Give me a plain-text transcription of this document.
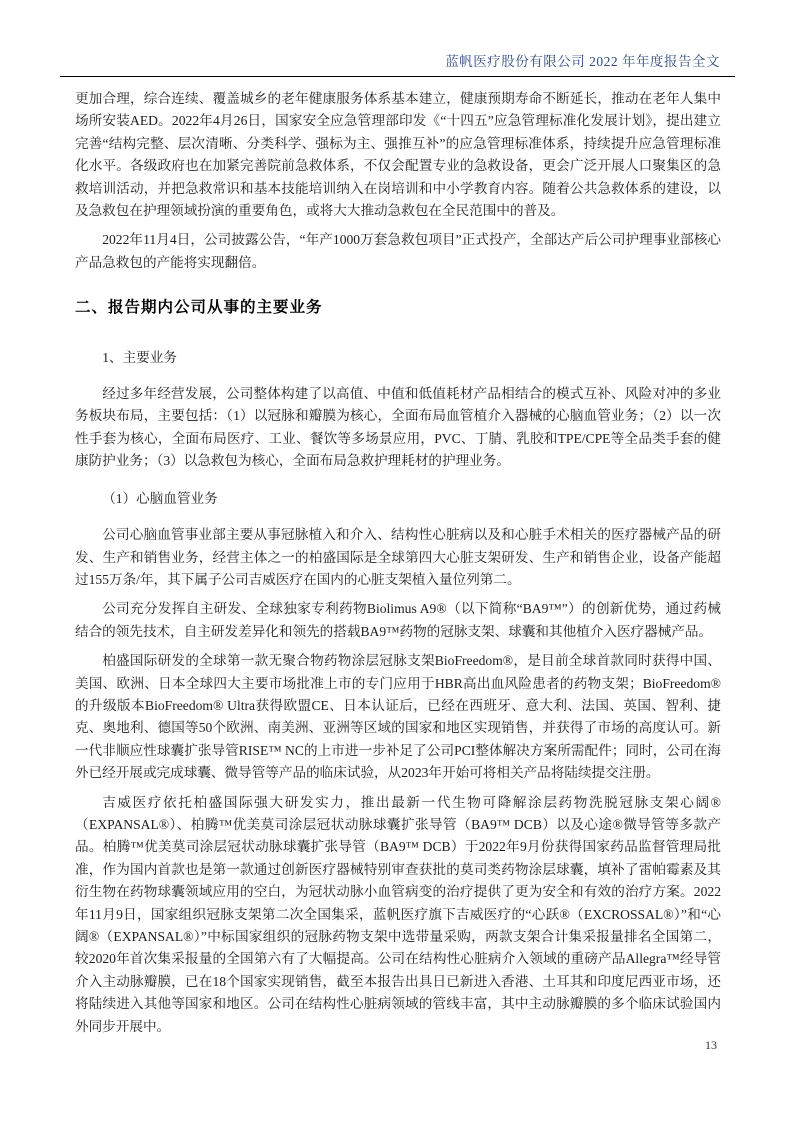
蓝帆医疗股份有限公司 2022 年年度报告全文

更加合理，综合连续、覆盖城乡的老年健康服务体系基本建立，健康预期寿命不断延长，推动在老年人集中场所安装AED。2022年4月26日，国家安全应急管理部印发《“十四五”应急管理标准化发展计划》，提出建立完善“结构完整、层次清晰、分类科学、强标为主、强推互补”的应急管理标准体系，持续提升应急管理标准化水平。各级政府也在加紧完善院前急救体系，不仅会配置专业的急救设备，更会广泛开展人口聚集区的急救培训活动，并把急救常识和基本技能培训纳入在岗培训和中小学教育内容。随着公共急救体系的建设，以及急救包在护理领域扮演的重要角色，或将大大推动急救包在全民范围中的普及。

2022年11月4日，公司披露公告，“年产1000万套急救包项目”正式投产，全部达产后公司护理事业部核心产品急救包的产能将实现翻倍。

二、报告期内公司从事的主要业务
1、主要业务

经过多年经营发展，公司整体构建了以高值、中值和低值耗材产品相结合的模式互补、风险对冲的多业务板块布局，主要包括：（1）以冠脉和瓣膜为核心，全面布局血管植介入器械的心脑血管业务；（2）以一次性手套为核心，全面布局医疗、工业、餐饮等多场景应用，PVC、丁腈、乳胶和TPE/CPE等全品类手套的健康防护业务；（3）以急救包为核心，全面布局急救护理耗材的护理业务。

（1）心脑血管业务

公司心脑血管事业部主要从事冠脉植入和介入、结构性心脏病以及和心脏手术相关的医疗器械产品的研发、生产和销售业务，经营主体之一的柏盛国际是全球第四大心脏支架研发、生产和销售企业，设备产能超过155万条/年，其下属子公司吉威医疗在国内的心脏支架植入量位列第二。

公司充分发挥自主研发、全球独家专利药物Biolimus A9®（以下简称“BA9™”）的创新优势，通过药械结合的领先技术，自主研发差异化和领先的搭载BA9™药物的冠脉支架、球囊和其他植介入医疗器械产品。

柏盛国际研发的全球第一款无聚合物药物涂层冠脉支架BioFreedom®，是目前全球首款同时获得中国、美国、欧洲、日本全球四大主要市场批准上市的专门应用于HBR高出血风险患者的药物支架；BioFreedom®的升级版本BioFreedom® Ultra获得欧盟CE、日本认证后，已经在西班牙、意大利、法国、英国、智利、捷克、奥地利、德国等50个欧洲、南美洲、亚洲等区域的国家和地区实现销售，并获得了市场的高度认可。新一代非顺应性球囊扩张导管RISE™ NC的上市进一步补足了公司PCI整体解决方案所需配件；同时，公司在海外已经开展或完成球囊、微导管等产品的临床试验，从2023年开始可将相关产品将陆续提交注册。

吉威医疗依托柏盛国际强大研发实力，推出最新一代生物可降解涂层药物洗脱冠脉支架心阔®（EXPANSAL®）、柏腾™优美莫司涂层冠状动脉球囊扩张导管（BA9™ DCB）以及心途®微导管等多款产品。柏腾™优美莫司涂层冠状动脉球囊扩张导管（BA9™ DCB）于2022年9月份获得国家药品监督管理局批准，作为国内首款也是第一款通过创新医疗器械特别审查获批的莫司类药物涂层球囊，填补了雷帕霉素及其衍生物在药物球囊领域应用的空白，为冠状动脉小血管病变的治疗提供了更为安全和有效的治疗方案。2022年11月9日，国家组织冠脉支架第二次全国集采，蓝帆医疗旗下吉威医疗的“心跃®（EXCROSSAL®）”和“心阔®（EXPANSAL®）”中标国家组织的冠脉药物支架中选带量采购，两款支架合计集采报量排名全国第二，较2020年首次集采报量的全国第六有了大幅提高。公司在结构性心脏病介入领域的重磅产品Allegra™经导管介入主动脉瓣膜，已在18个国家实现销售，截至本报告出具日已新进入香港、土耳其和印度尼西亚市场，还将陆续进入其他等国家和地区。公司在结构性心脏病领域的管线丰富，其中主动脉瓣膜的多个临床试验国内外同步开展中。

13
